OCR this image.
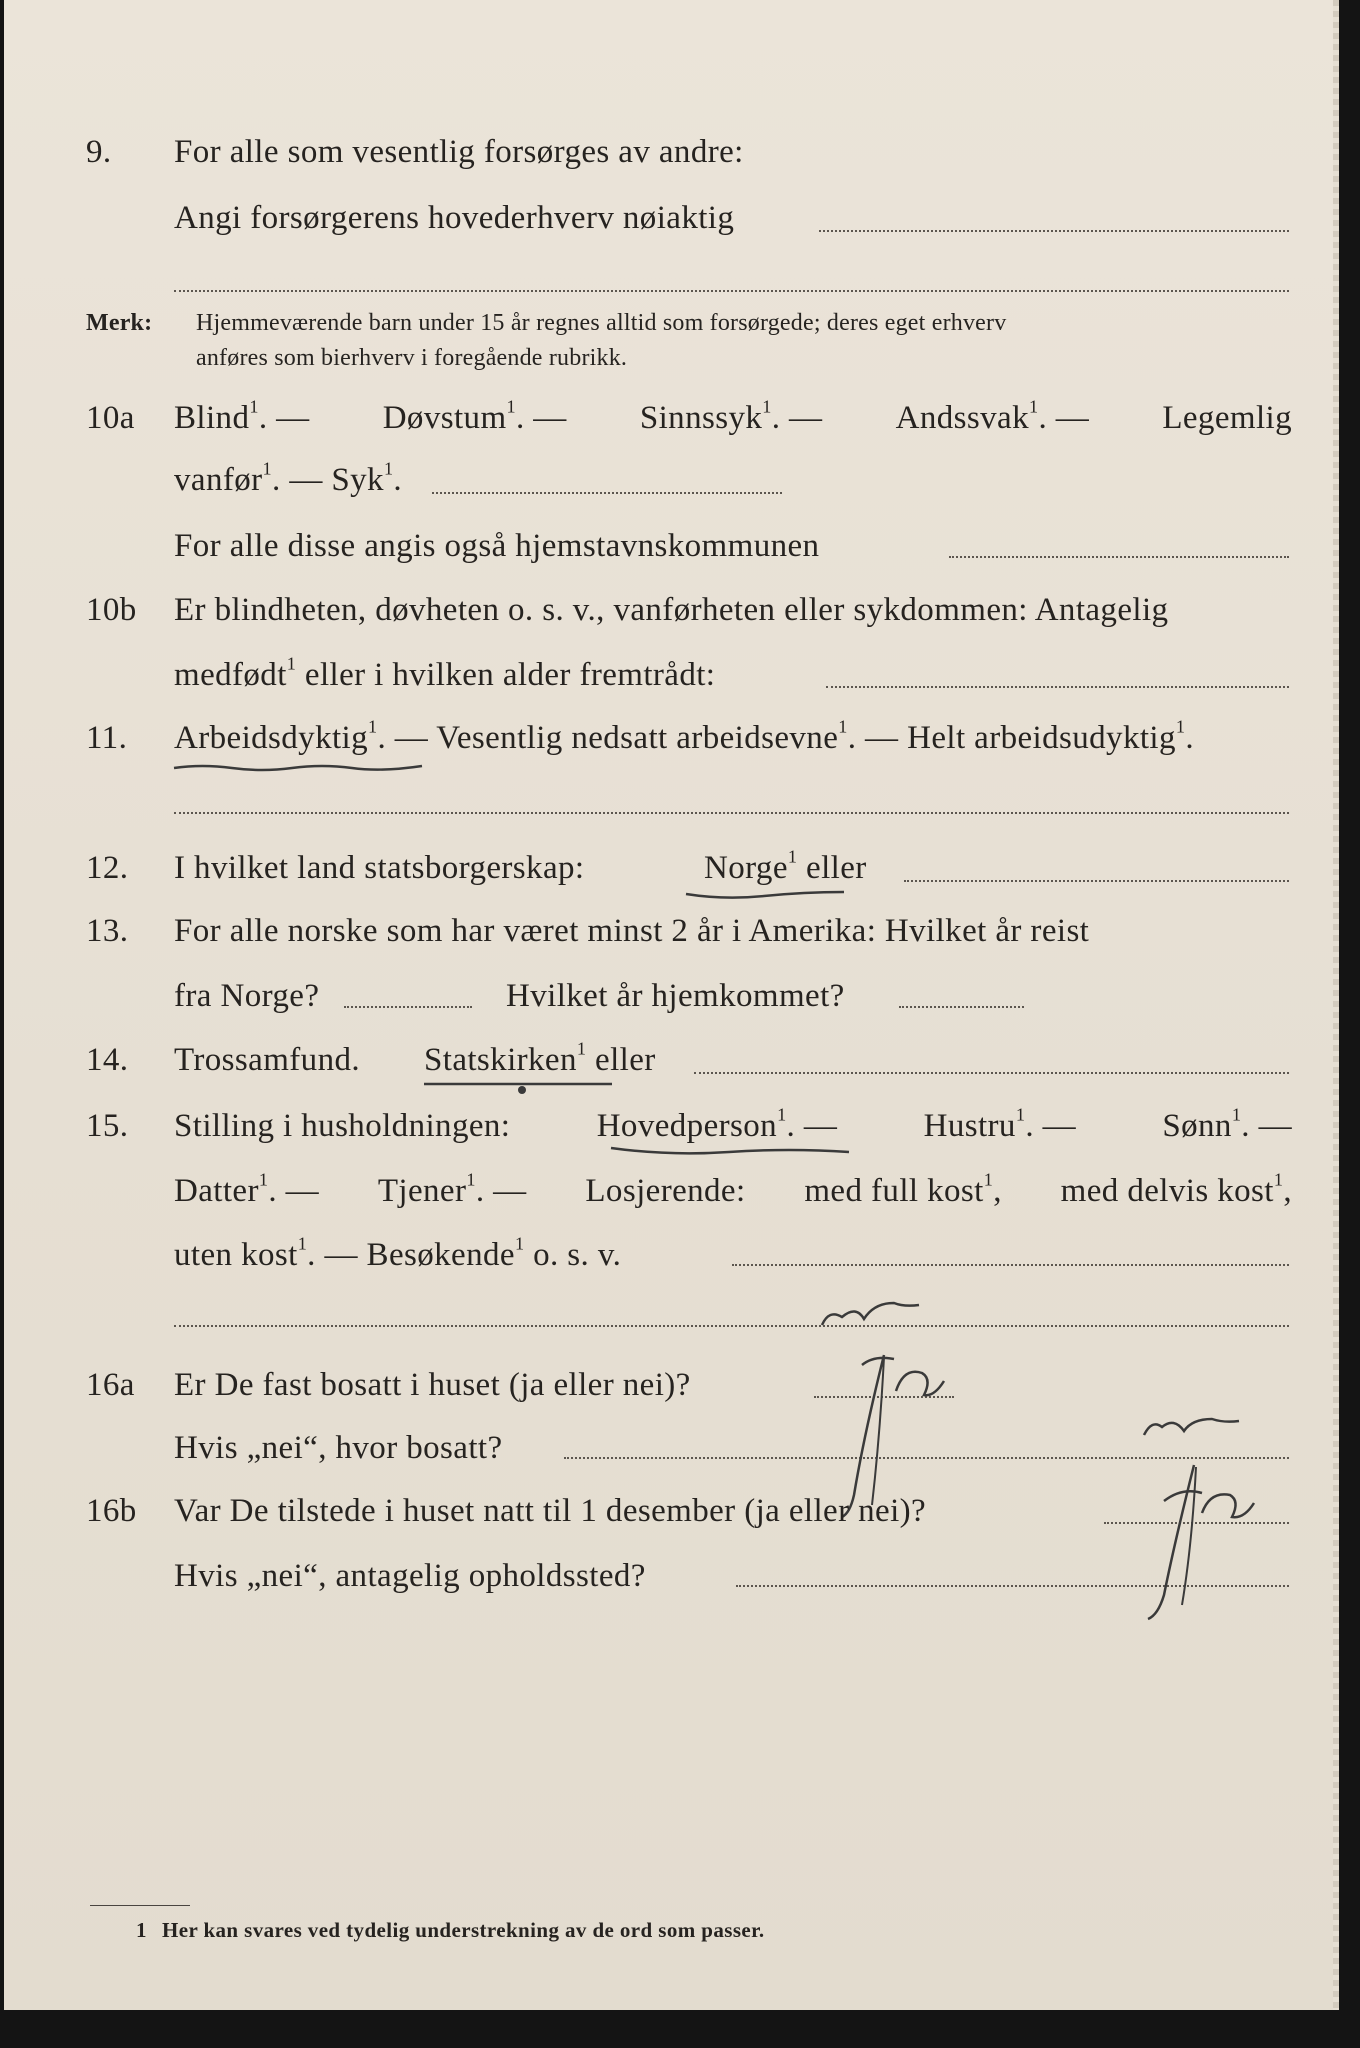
9. For alle som vesentlig forsørges av andre:
Angi forsørgerens hovederhverv nøiaktig
Merk: Hjemmeværende barn under 15 år regnes alltid som forsørgede; deres eget erhverv
anføres som bierhverv i foregående rubrikk.
10a Blind$^1$. — Døvstum$^1$. — Sinnssyk$^1$. — Andssvak$^1$. — Legemlig
vanfør$^1$. — Syk$^1$.
For alle disse angis også hjemstavnskommunen
10b Er blindheten, døvheten o. s. v., vanførheten eller sykdommen: Antagelig
medfødt$^1$ eller i hvilken alder fremtrådt:
11. Arbeidsdyktig$^1$. — Vesentlig nedsatt arbeidsevne$^1$. — Helt arbeidsudyktig$^1$.
12. I hvilket land statsborgerskap:	Norge$^1$ eller
13. For alle norske som har været minst 2 år i Amerika: Hvilket år reist
fra Norge?	Hvilket år hjemkommet?
14. Trossamfund. Statskirken$^1$ eller
15. Stilling i husholdningen:	Hovedperson$^1$. —	Hustru$^1$. —	Sønn$^1$. —
Datter$^1$. — Tjener$^1$. — Losjerende: med full kost$^1$, med delvis kost$^1$,
uten kost$^1$. — Besøkende$^1$ o. s. v.
16a Er De fast bosatt i huset (ja eller nei)?
Hvis „nei“, hvor bosatt?
16b Var De tilstede i huset natt til 1 desember (ja eller nei)?
Hvis „nei“, antagelig opholdssted?
1 Her kan svares ved tydelig understrekning av de ord som passer.
